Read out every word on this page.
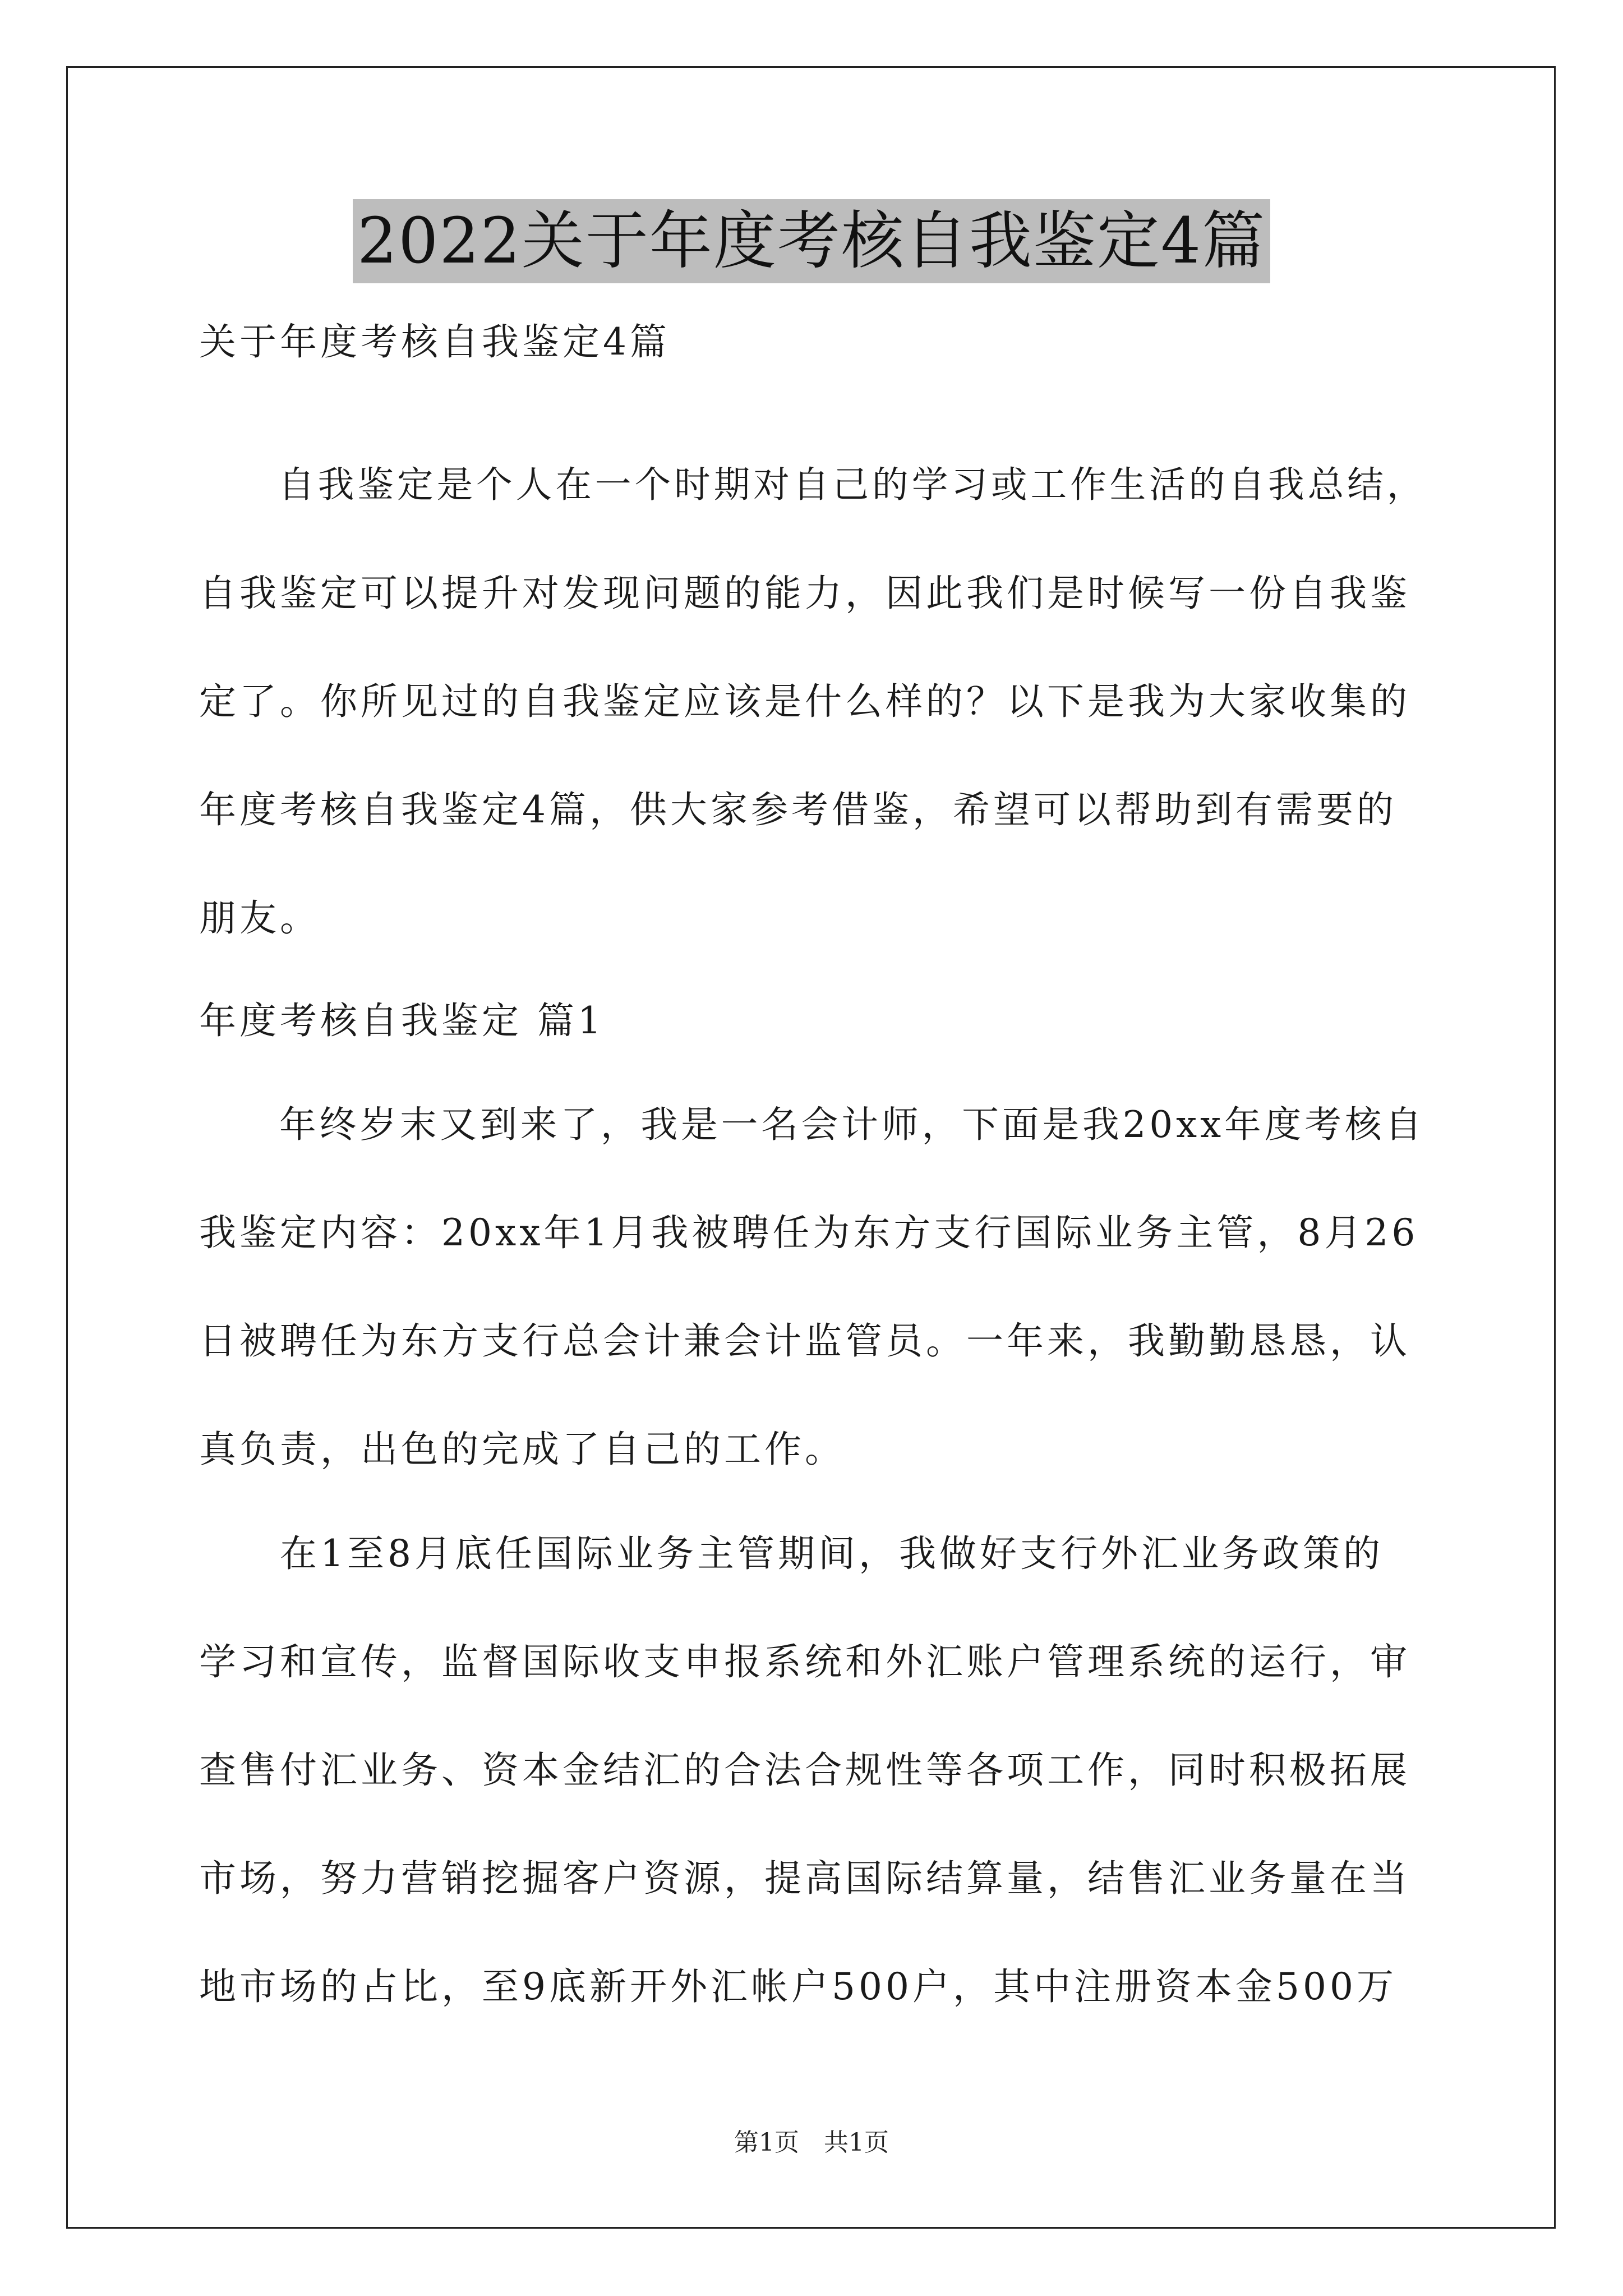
2022关于年度考核自我鉴定4篇
关于年度考核自我鉴定4篇
　　自我鉴定是个人在一个时期对自己的学习或工作生活的自我总结，
自我鉴定可以提升对发现问题的能力，因此我们是时候写一份自我鉴
定了。你所见过的自我鉴定应该是什么样的？以下是我为大家收集的
年度考核自我鉴定4篇，供大家参考借鉴，希望可以帮助到有需要的
朋友。
年度考核自我鉴定 篇1
　　年终岁末又到来了，我是一名会计师，下面是我20xx年度考核自
我鉴定内容：20xx年1月我被聘任为东方支行国际业务主管，8月26
日被聘任为东方支行总会计兼会计监管员。一年来，我勤勤恳恳，认
真负责，出色的完成了自己的工作。
　　在1至8月底任国际业务主管期间，我做好支行外汇业务政策的
学习和宣传，监督国际收支申报系统和外汇账户管理系统的运行，审
查售付汇业务、资本金结汇的合法合规性等各项工作，同时积极拓展
市场，努力营销挖掘客户资源，提高国际结算量，结售汇业务量在当
地市场的占比，至9底新开外汇帐户500户，其中注册资本金500万
第1页　共1页
